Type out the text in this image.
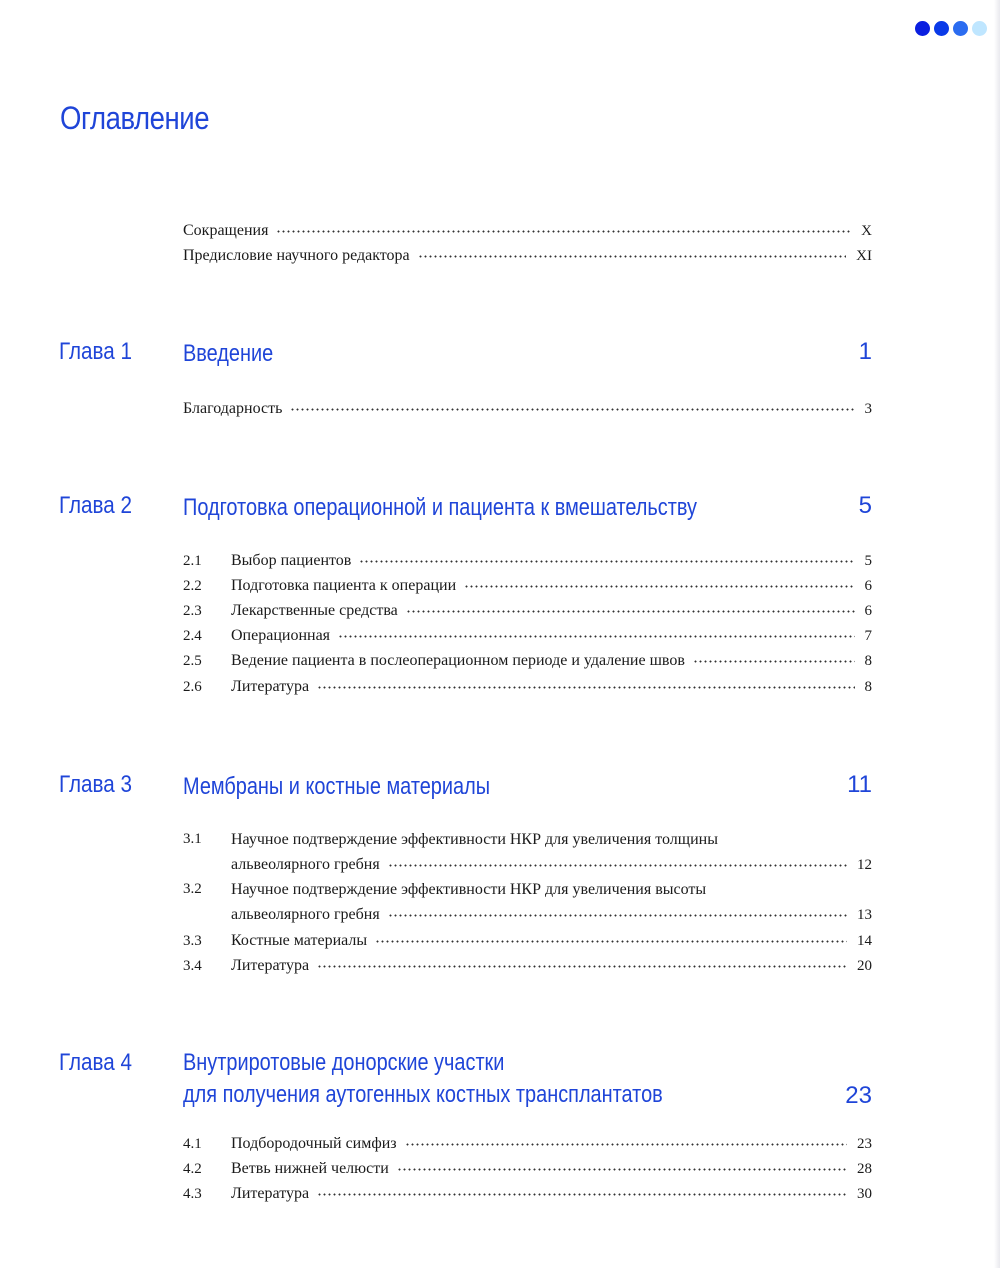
Оглавление
Сокращения	X
Предисловие научного редактора	XI
Глава 1 Введение	1
Благодарность	3
Глава 2 Подготовка операционной и пациента к вмешательству	5
2.1	Выбор пациентов	5
2.2	Подготовка пациента к операции	6
2.3	Лекарственные средства	6
2.4	Операционная	7
2.5	Ведение пациента в послеоперационном периоде и удаление швов	8
2.6	Литература	8
Глава 3 Мембраны и костные материалы	11
3.1 Научное подтверждение эффективности НКР для увеличения толщины
альвеолярного гребня	12
3.2 Научное подтверждение эффективности НКР для увеличения высоты
альвеолярного гребня	13
3.3	Костные материалы	14
3.4	Литература	20
Глава 4 Внутриротовые донорские участки
для получения аутогенных костных трансплантатов	23
4.1	Подбородочный симфиз	23
4.2	Ветвь нижней челюсти	28
4.3	Литература	30
